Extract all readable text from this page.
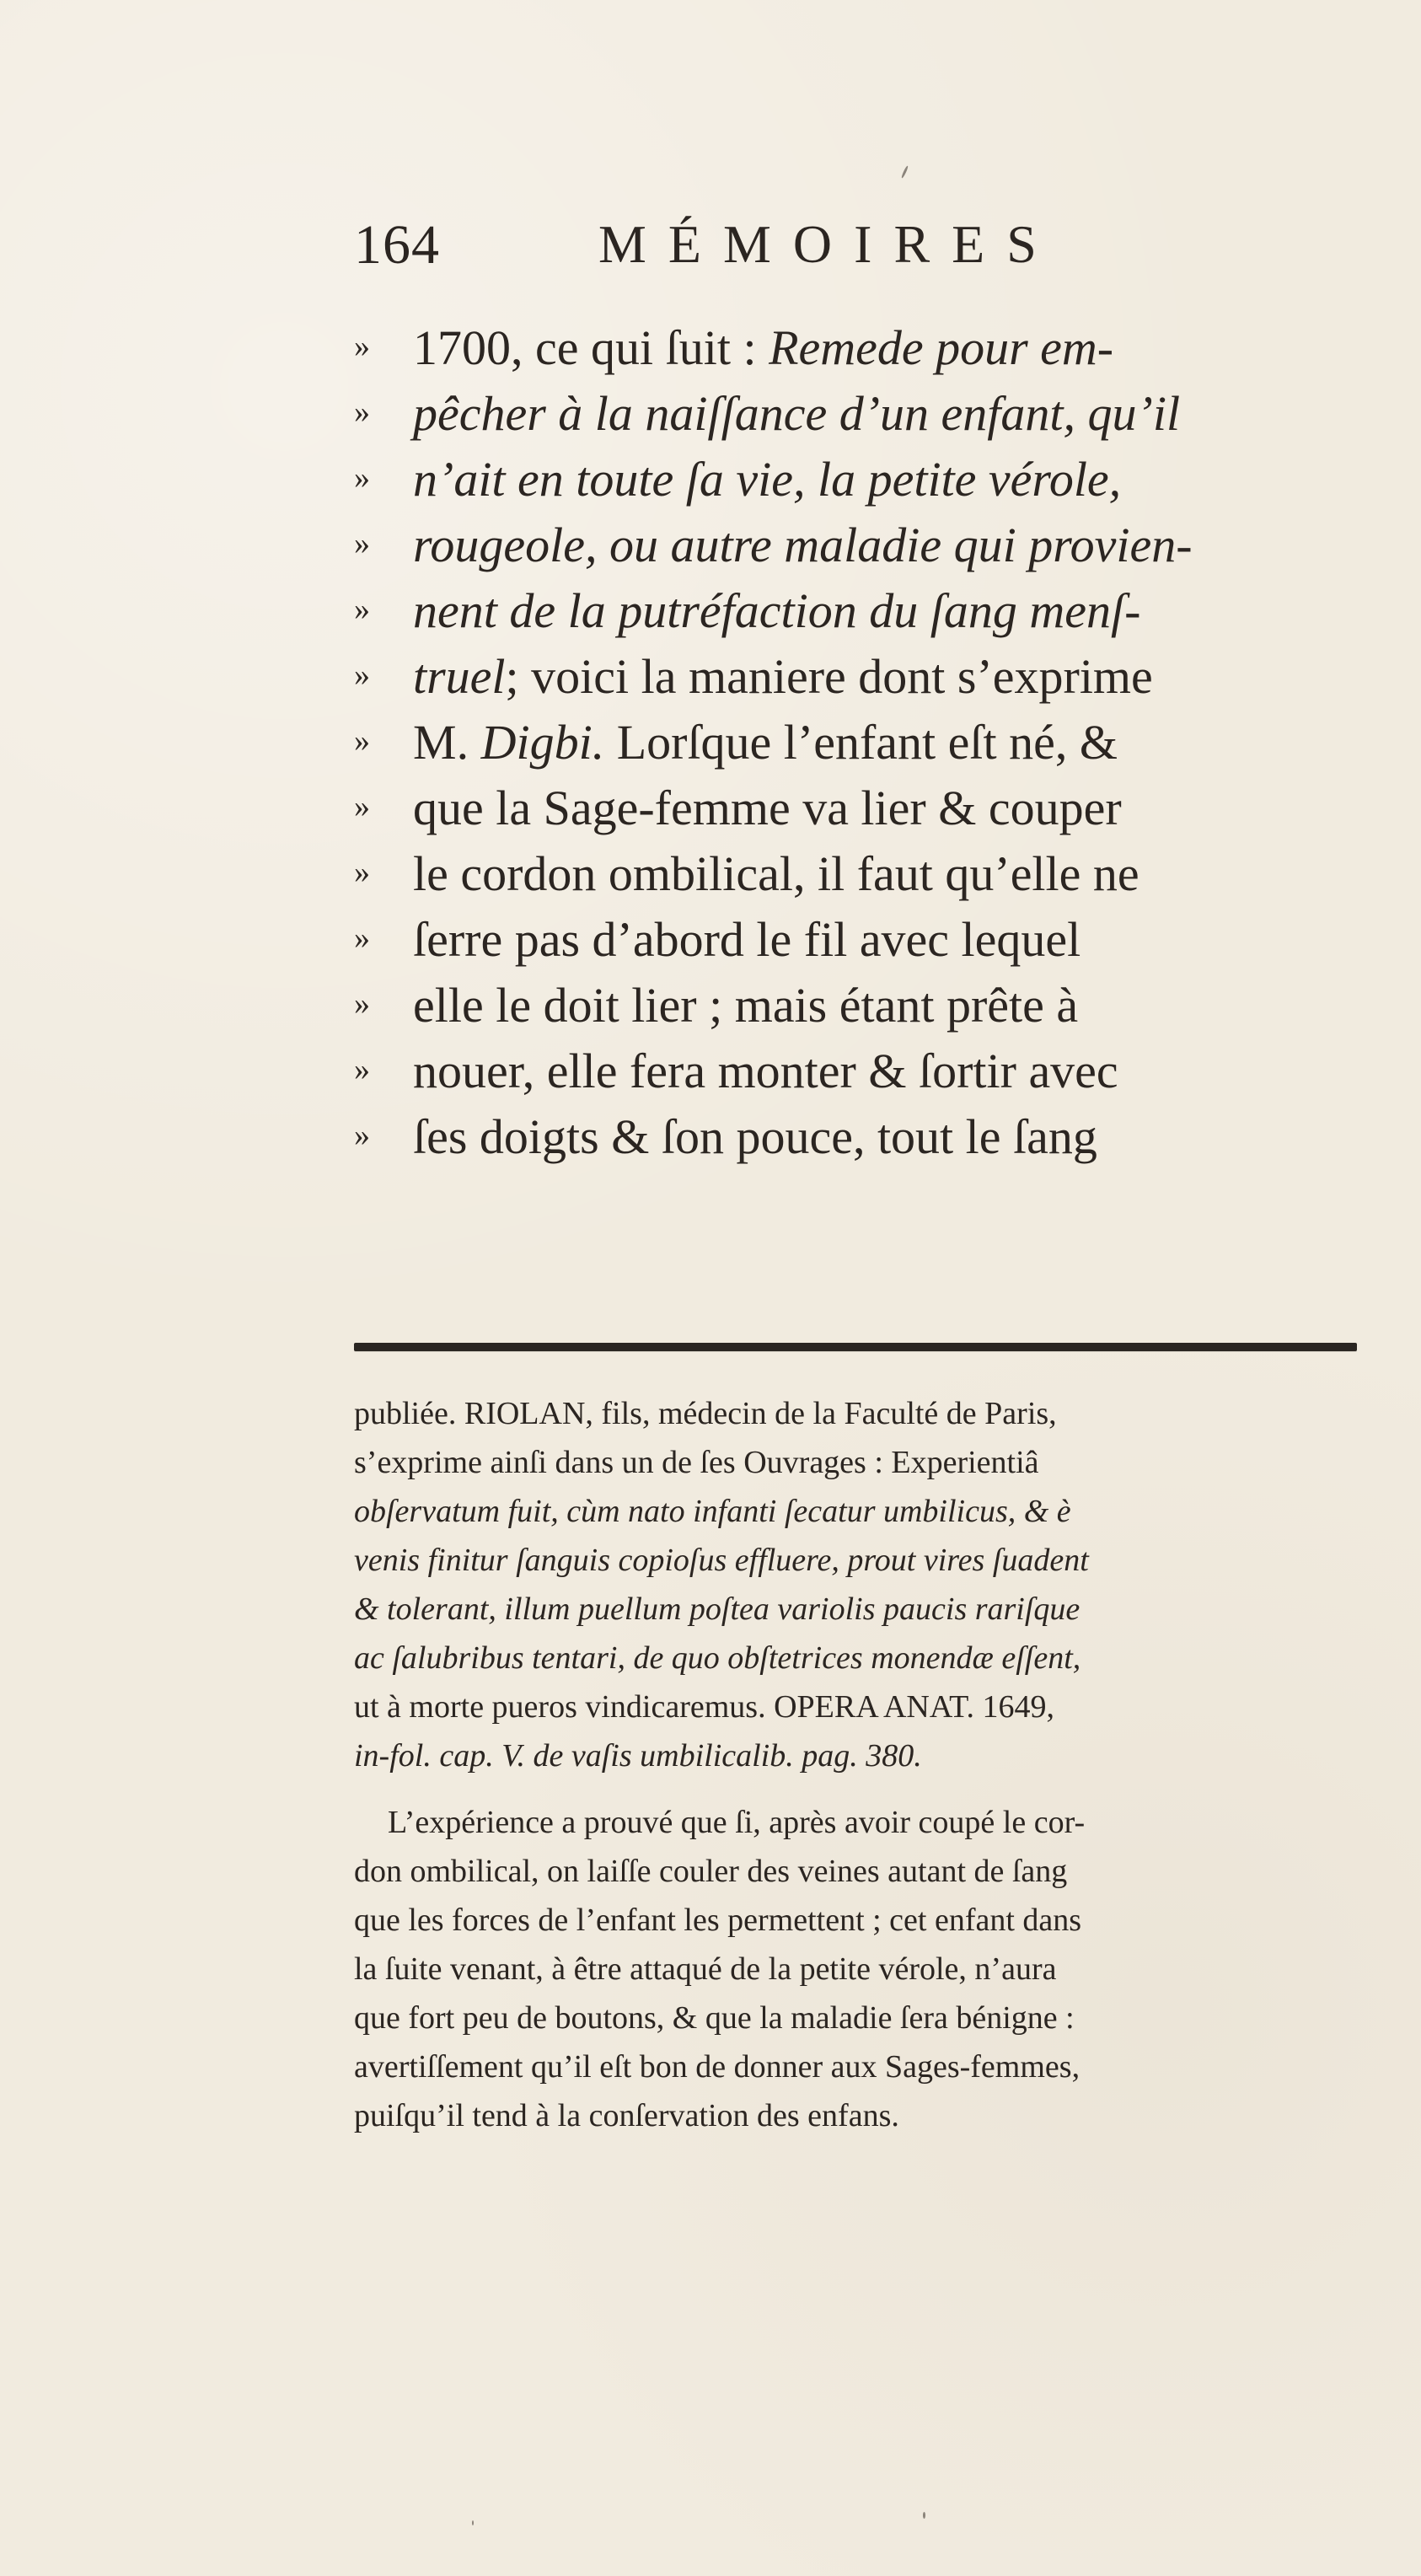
164	MÉMOIRES
» 1700, ce qui ſuit : Remede pour em-
» pêcher à la naiſſance d’un enfant, qu’il
» n’ait en toute ſa vie, la petite vérole,
» rougeole, ou autre maladie qui provien-
» nent de la putréfaction du ſang menſ-
» truel; voici la maniere dont s’exprime
» M. Digbi. Lorſque l’enfant eſt né, &
» que la Sage-femme va lier & couper
» le cordon ombilical, il faut qu’elle ne
» ſerre pas d’abord le fil avec lequel
» elle le doit lier ; mais étant prête à
» nouer, elle fera monter & ſortir avec
» ſes doigts & ſon pouce, tout le ſang
publiée. RIOLAN, fils, médecin de la Faculté de Paris,
s’exprime ainſi dans un de ſes Ouvrages : Experientiâ
obſervatum fuit, cùm nato infanti ſecatur umbilicus, & è
venis finitur ſanguis copioſus effluere, prout vires ſuadent
& tolerant, illum puellum poſtea variolis paucis rariſque
ac ſalubribus tentari, de quo obſtetrices monendæ eſſent,
ut à morte pueros vindicaremus. OPERA ANAT. 1649,
in-fol. cap. V. de vaſis umbilicalib. pag. 380.
L’expérience a prouvé que ſi, après avoir coupé le cor-
don ombilical, on laiſſe couler des veines autant de ſang
que les forces de l’enfant les permettent ; cet enfant dans
la ſuite venant, à être attaqué de la petite vérole, n’aura
que fort peu de boutons, & que la maladie ſera bénigne :
avertiſſement qu’il eſt bon de donner aux Sages-femmes,
puiſqu’il tend à la conſervation des enfans.
